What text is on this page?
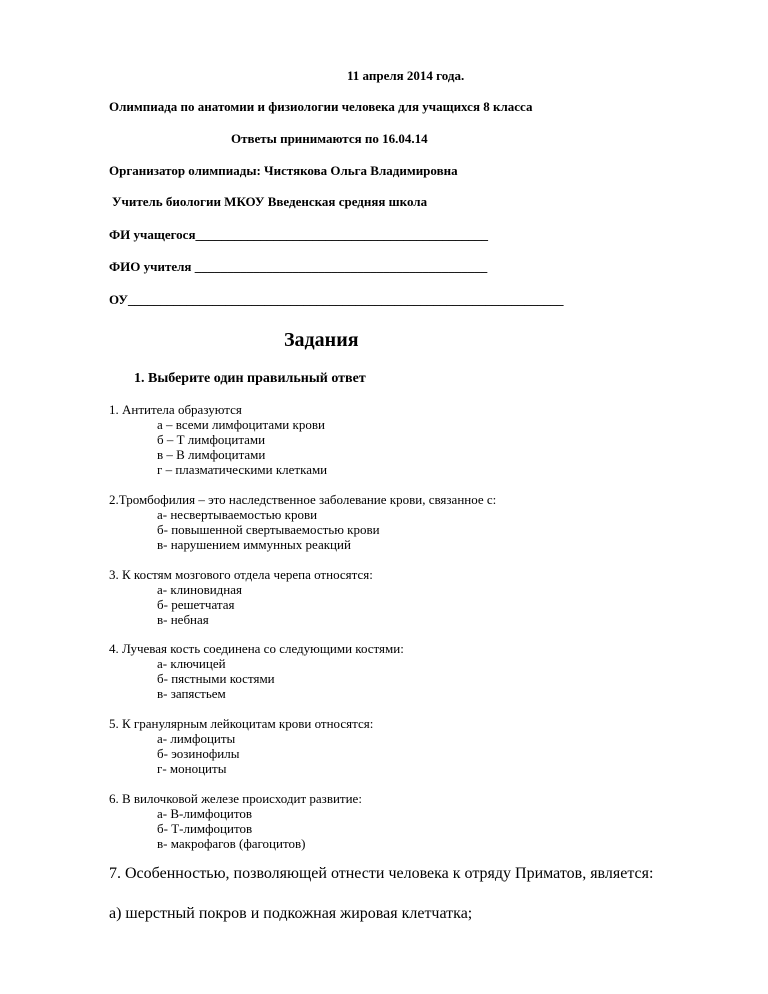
11 апреля 2014 года.
Олимпиада по анатомии и физиологии человека для учащихся 8 класса
Ответы принимаются по 16.04.14
Организатор олимпиады: Чистякова Ольга Владимировна
Учитель биологии МКОУ Введенская средняя школа
ФИ учащегося_____________________________________________
ФИО учителя _____________________________________________
ОУ___________________________________________________________________
Задания
1. Выберите один правильный ответ
1. Антитела образуются
а – всеми лимфоцитами крови
б – Т лимфоцитами
в – В лимфоцитами
г – плазматическими клетками
2.Тромбофилия – это наследственное заболевание крови, связанное с:
а- несвертываемостью крови
б- повышенной свертываемостью крови
в- нарушением иммунных реакций
3. К костям мозгового отдела черепа относятся:
а- клиновидная
б- решетчатая
в- небная
4. Лучевая кость соединена со следующими костями:
а- ключицей
б- пястными костями
в- запястьем
5. К гранулярным лейкоцитам крови относятся:
а- лимфоциты
б- эозинофилы
г- моноциты
6. В вилочковой железе происходит развитие:
а- В-лимфоцитов
б- Т-лимфоцитов
в- макрофагов (фагоцитов)
7. Особенностью, позволяющей отнести человека к отряду Приматов, является:
а) шерстный покров и подкожная жировая клетчатка;
